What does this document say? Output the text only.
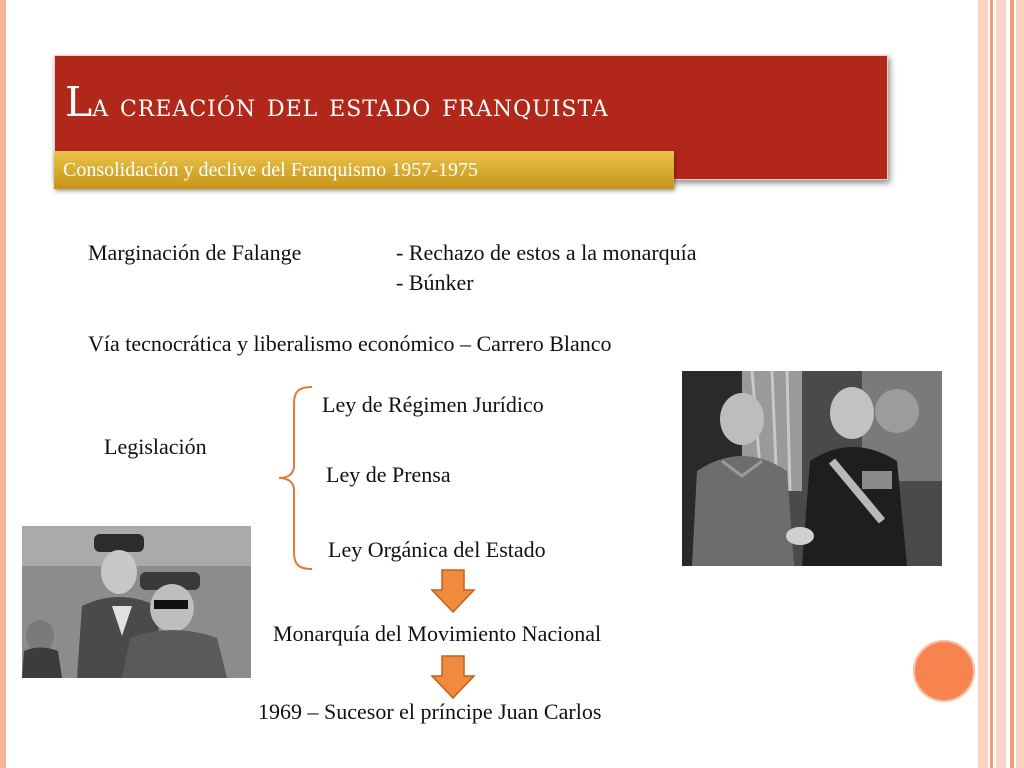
La creación del estado franquista
Consolidación y declive del Franquismo 1957-1975
Marginación de Falange	- Rechazo de estos a la monarquía
- Búnker
Vía tecnocrática y liberalismo económico – Carrero Blanco
Legislación
Ley de Régimen Jurídico
Ley de Prensa
Ley Orgánica del Estado
Monarquía del Movimiento Nacional
1969 – Sucesor el príncipe Juan Carlos
